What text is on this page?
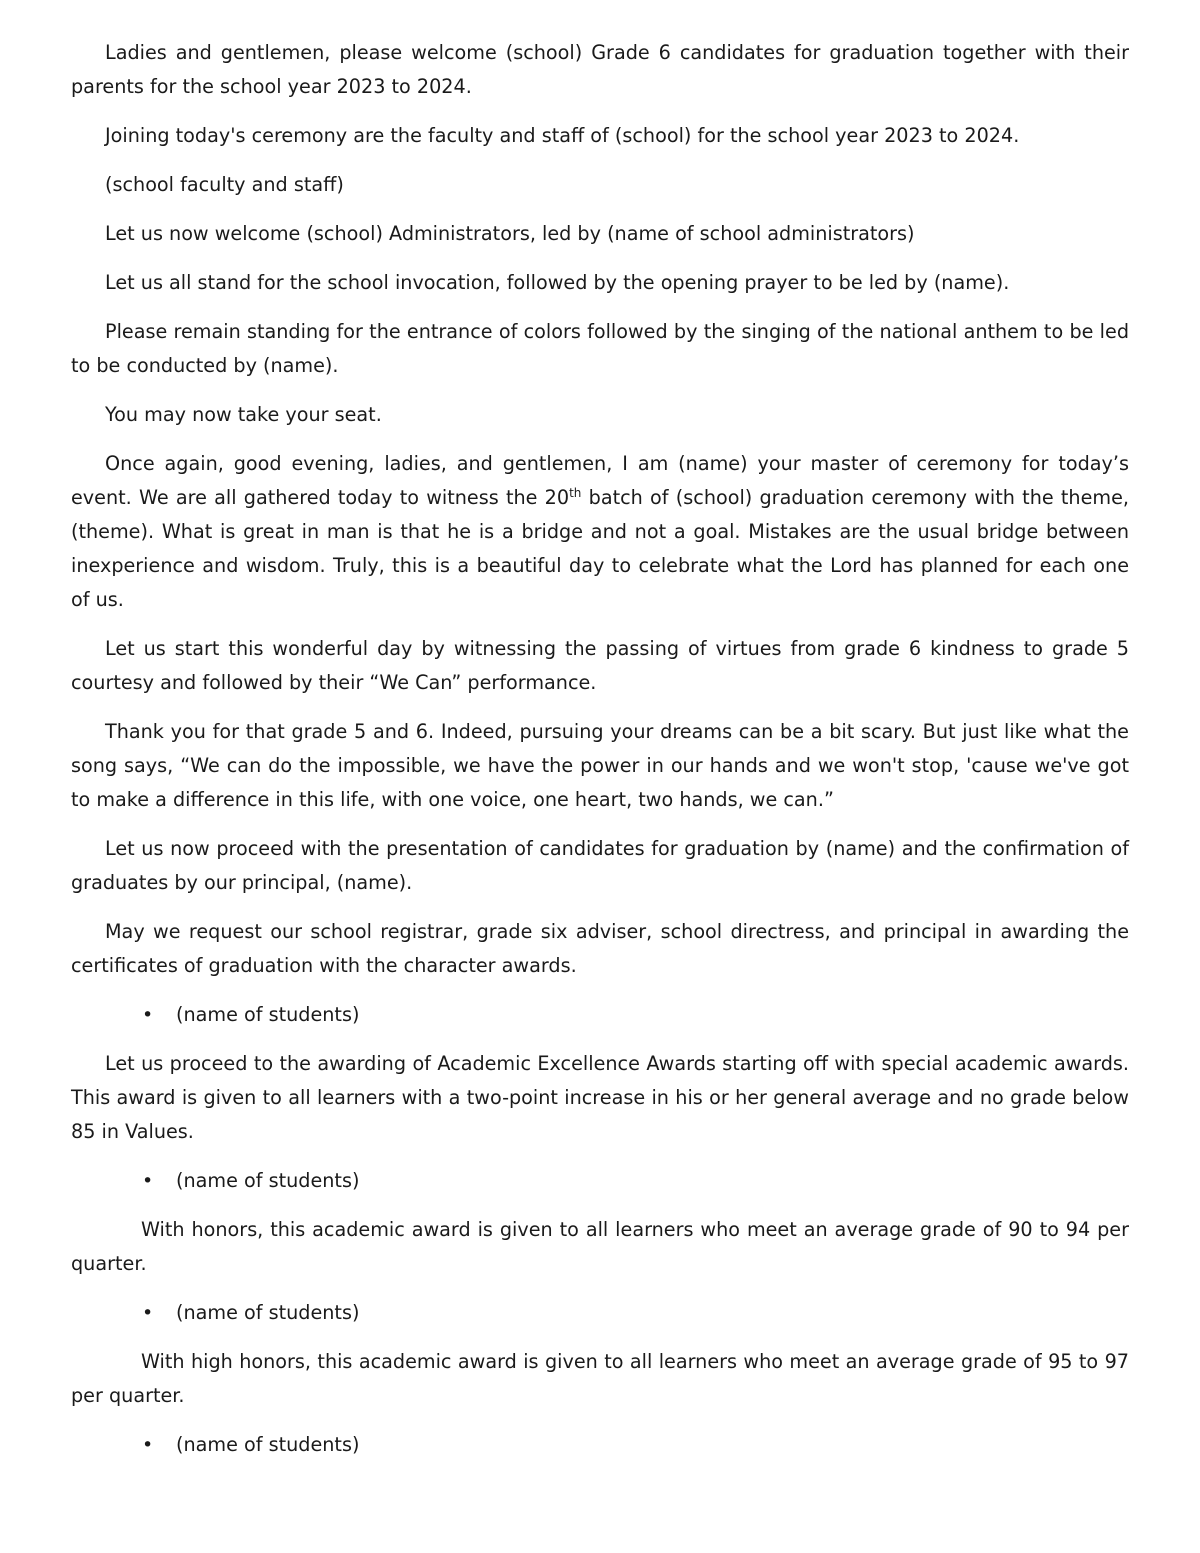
Ladies and gentlemen, please welcome (school) Grade 6 candidates for graduation together with their parents for the school year 2023 to 2024.

Joining today's ceremony are the faculty and staff of (school) for the school year 2023 to 2024.

(school faculty and staff)

Let us now welcome (school) Administrators, led by (name of school administrators)

Let us all stand for the school invocation, followed by the opening prayer to be led by (name).

Please remain standing for the entrance of colors followed by the singing of the national anthem to be led to be conducted by (name).

You may now take your seat.

Once again, good evening, ladies, and gentlemen, I am (name) your master of ceremony for today’s event. We are all gathered today to witness the 20th batch of (school) graduation ceremony with the theme, (theme). What is great in man is that he is a bridge and not a goal. Mistakes are the usual bridge between inexperience and wisdom. Truly, this is a beautiful day to celebrate what the Lord has planned for each one of us.

Let us start this wonderful day by witnessing the passing of virtues from grade 6 kindness to grade 5 courtesy and followed by their “We Can” performance.

Thank you for that grade 5 and 6. Indeed, pursuing your dreams can be a bit scary. But just like what the song says, “We can do the impossible, we have the power in our hands and we won't stop, 'cause we've got to make a difference in this life, with one voice, one heart, two hands, we can.”

Let us now proceed with the presentation of candidates for graduation by (name) and the confirmation of graduates by our principal, (name).

May we request our school registrar, grade six adviser, school directress, and principal in awarding the certificates of graduation with the character awards.

• (name of students)

Let us proceed to the awarding of Academic Excellence Awards starting off with special academic awards. This award is given to all learners with a two-point increase in his or her general average and no grade below 85 in Values.

• (name of students)

With honors, this academic award is given to all learners who meet an average grade of 90 to 94 per quarter.

• (name of students)

With high honors, this academic award is given to all learners who meet an average grade of 95 to 97 per quarter.

• (name of students)
